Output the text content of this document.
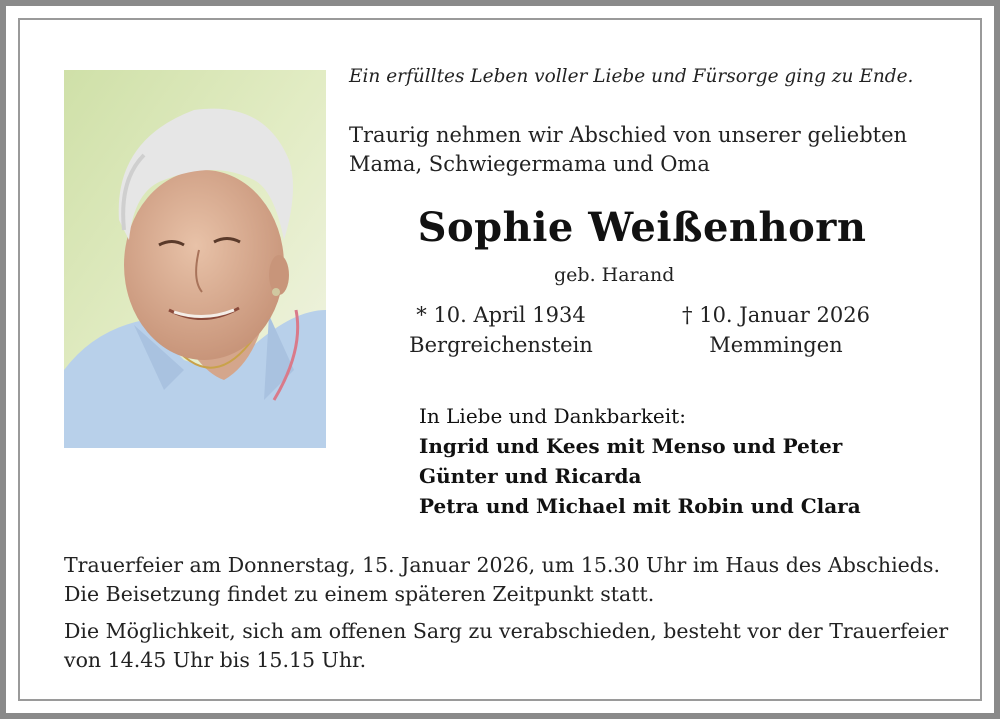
Ein erfülltes Leben voller Liebe und Fürsorge ging zu Ende.
Traurig nehmen wir Abschied von unserer geliebten
Mama, Schwiegermama und Oma
Sophie Weißenhorn
geb. Harand
* 10. April 1934
Bergreichenstein
† 10. Januar 2026
Memmingen
In Liebe und Dankbarkeit:
Ingrid und Kees mit Menso und Peter
Günter und Ricarda
Petra und Michael mit Robin und Clara

Trauerfeier am Donnerstag, 15. Januar 2026, um 15.30 Uhr im Haus des Abschieds. Die Beisetzung findet zu einem späteren Zeitpunkt statt.

Die Möglichkeit, sich am offenen Sarg zu verabschieden, besteht vor der Trauerfeier von 14.45 Uhr bis 15.15 Uhr.
